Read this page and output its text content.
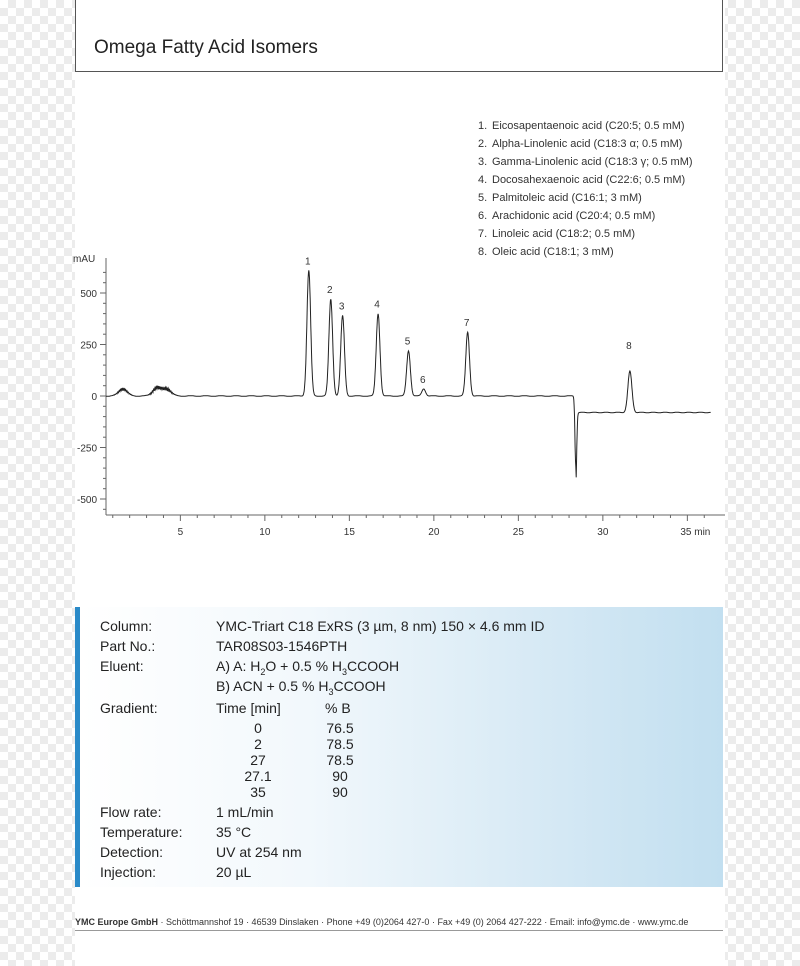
Omega Fatty Acid Isomers
1. Eicosapentaenoic acid (C20:5; 0.5 mM)
2. Alpha-Linolenic acid (C18:3 α; 0.5 mM)
3. Gamma-Linolenic acid (C18:3 γ; 0.5 mM)
4. Docosahexaenoic acid (C22:6; 0.5 mM)
5. Palmitoleic acid (C16:1; 3 mM)
6. Arachidonic acid (C20:4; 0.5 mM)
7. Linoleic acid (C18:2; 0.5 mM)
8. Oleic acid (C18:1; 3 mM)
500
250
0
-250
-500
mAU
5	10	15	20	25	30	35 min
1
2
3	4
5
6
7
8
Column:	YMC-Triart C18 ExRS (3 µm, 8 nm) 150 × 4.6 mm ID
Part No.:	TAR08S03-1546PTH
Eluent:	A) A: $H_2O + 0.5$ % $H_3CCOOH$
B) ACN + 0.5 % $H_3CCOOH$
Gradient:	Time [min]	% B
0	76.5
2	78.5
27	78.5
27.1	90
35	90
Flow rate:	1 mL/min
Temperature: 35 °C
Detection:	UV at 254 nm
Injection:	20 µL
YMC Europe GmbH · Schöttmannshof 19 · 46539 Dinslaken · Phone +49 (0)2064 427-0 · Fax +49 (0) 2064 427-222 · Email: info@ymc.de · www.ymc.de
